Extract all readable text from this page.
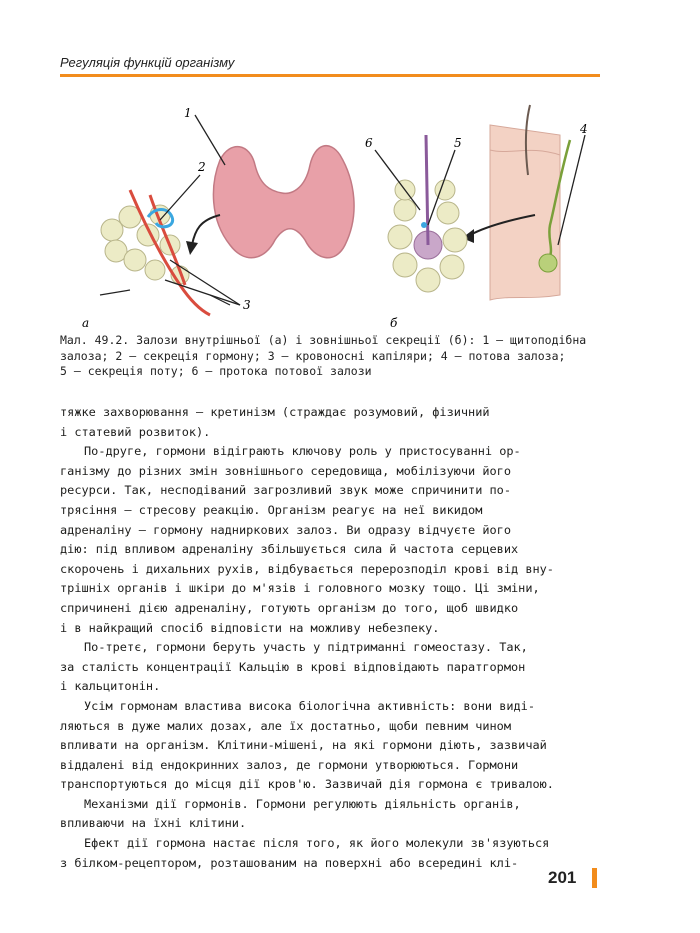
Регуляція функцій організму
1
2
3
а
6	5
4
б
Мал. 49.2. Залози внутрішньої (а) і зовнішньої секреції (б): 1 — щитоподібна
залоза; 2 — секреція гормону; 3 — кровоносні капіляри; 4 — потова залоза;
5 — секреція поту; 6 — протока потової залози

тяжке захворювання — кретинізм (страждає розумовий, фізичний
і статевий розвиток).

По-друге, гормони відіграють ключову роль у пристосуванні ор-
ганізму до різних змін зовнішнього середовища, мобілізуючи його
ресурси. Так, несподіваний загрозливий звук може спричинити по-
трясіння — стресову реакцію. Організм реагує на неї викидом
адреналіну — гормону надниркових залоз. Ви одразу відчуєте його
дію: під впливом адреналіну збільшується сила й частота серцевих
скорочень і дихальних рухів, відбувається перерозподіл крові від вну-
трішніх органів і шкіри до м'язів і головного мозку тощо. Ці зміни,
спричинені дією адреналіну, готують організм до того, щоб швидко
і в найкращий спосіб відповісти на можливу небезпеку.

По-третє, гормони беруть участь у підтриманні гомеостазу. Так,
за сталість концентрації Кальцію в крові відповідають паратгормон
і кальцитонін.

Усім гормонам властива висока біологічна активність: вони виді-
ляються в дуже малих дозах, але їх достатньо, щоби певним чином
впливати на організм. Клітини-мішені, на які гормони діють, зазвичай
віддалені від ендокринних залоз, де гормони утворюються. Гормони
транспортуються до місця дії кров'ю. Зазвичай дія гормона є тривалою.

Механізми дії гормонів. Гормони регулюють діяльність органів,
впливаючи на їхні клітини.

Ефект дії гормона настає після того, як його молекули зв'язуються
з білком-рецептором, розташованим на поверхні або всередині клі-

201
